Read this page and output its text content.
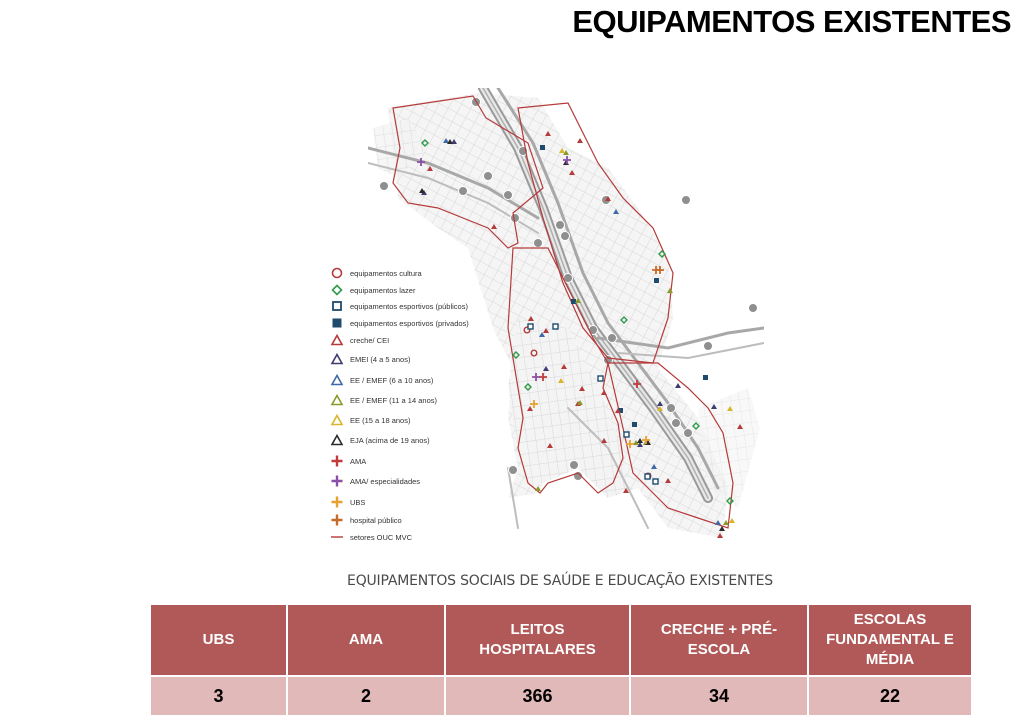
EQUIPAMENTOS EXISTENTES
equipamentos cultura
equipamentos lazer
equipamentos esportivos (públicos)
equipamentos esportivos (privados)
creche/ CEI
EMEI (4 a 5 anos)
EE / EMEF (6 a 10 anos)
EE / EMEF (11 a 14 anos)
EE (15 a 18 anos)
EJA (acima de 19 anos)
AMA
AMA/ especialidades
UBS
hospital público
setores OUC MVC
EQUIPAMENTOS SOCIAIS DE SAÚDE E EDUCAÇÃO EXISTENTES
UBS	AMA	LEITOS HOSPITALARES	CRECHE + PRÉ-ESCOLA	ESCOLAS FUNDAMENTAL E MÉDIA
3	2	366	34	22
